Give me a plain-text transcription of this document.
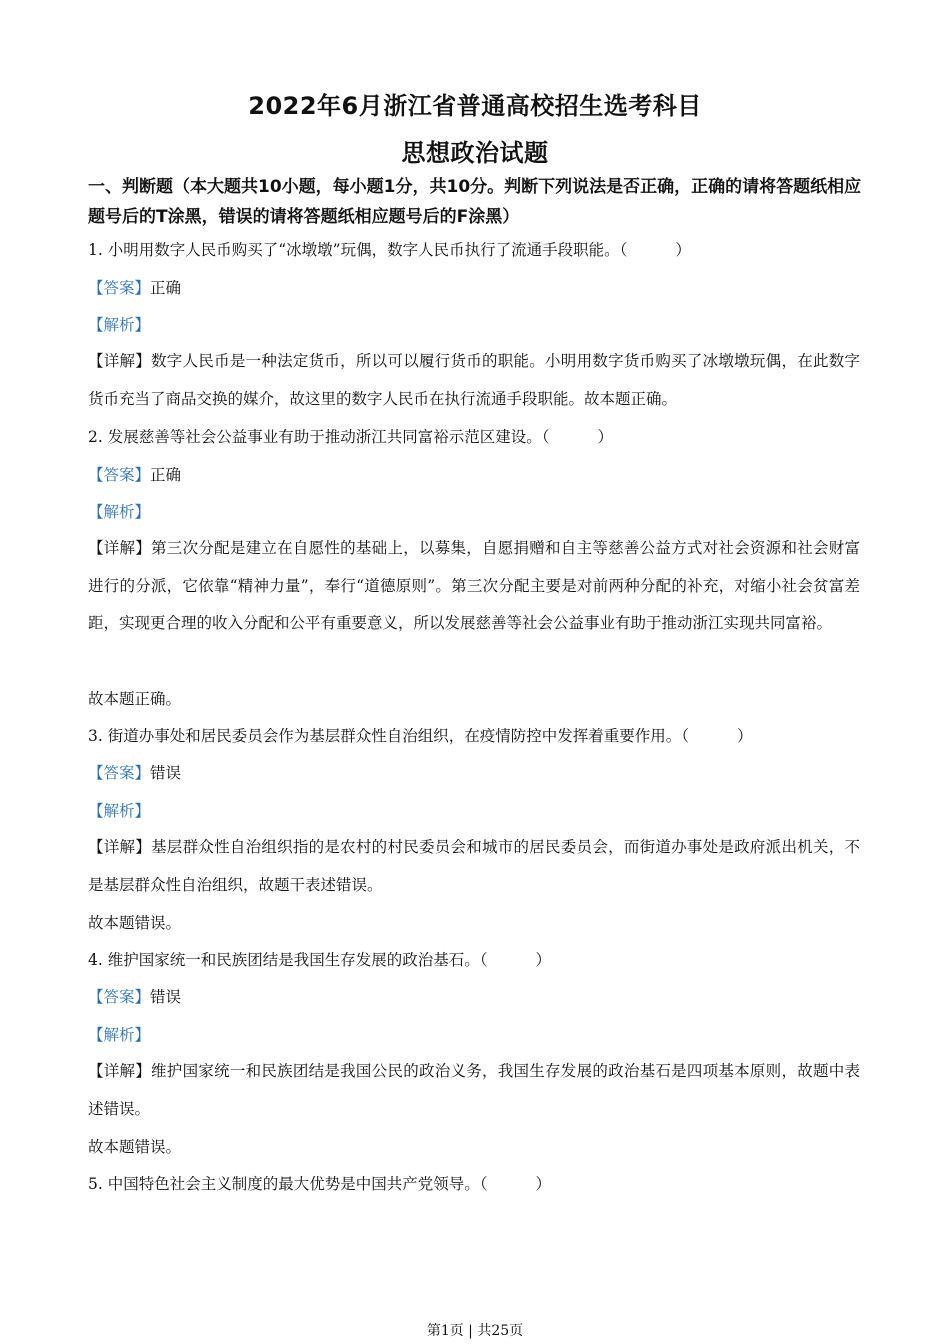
2022年6月浙江省普通高校招生选考科目
思想政治试题
一、判断题（本大题共10小题，每小题1分，共10分。判断下列说法是否正确，正确的请将答题纸相应题号后的T涂黑，错误的请将答题纸相应题号后的F涂黑）
1. 小明用数字人民币购买了“冰墩墩”玩偶，数字人民币执行了流通手段职能。（	）
【答案】正确
【解析】
【详解】数字人民币是一种法定货币，所以可以履行货币的职能。小明用数字货币购买了冰墩墩玩偶，在此数字货币充当了商品交换的媒介，故这里的数字人民币在执行流通手段职能。故本题正确。
2. 发展慈善等社会公益事业有助于推动浙江共同富裕示范区建设。（	）
【答案】正确
【解析】
【详解】第三次分配是建立在自愿性的基础上，以募集，自愿捐赠和自主等慈善公益方式对社会资源和社会财富进行的分派，它依靠“精神力量”，奉行“道德原则”。第三次分配主要是对前两种分配的补充，对缩小社会贫富差距，实现更合理的收入分配和公平有重要意义，所以发展慈善等社会公益事业有助于推动浙江实现共同富裕。
故本题正确。
3. 街道办事处和居民委员会作为基层群众性自治组织，在疫情防控中发挥着重要作用。（	）
【答案】错误
【解析】
【详解】基层群众性自治组织指的是农村的村民委员会和城市的居民委员会，而街道办事处是政府派出机关，不是基层群众性自治组织，故题干表述错误。
故本题错误。
4. 维护国家统一和民族团结是我国生存发展的政治基石。（	）
【答案】错误
【解析】
【详解】维护国家统一和民族团结是我国公民的政治义务，我国生存发展的政治基石是四项基本原则，故题中表述错误。
故本题错误。
5. 中国特色社会主义制度的最大优势是中国共产党领导。（	）
第1页 | 共25页
